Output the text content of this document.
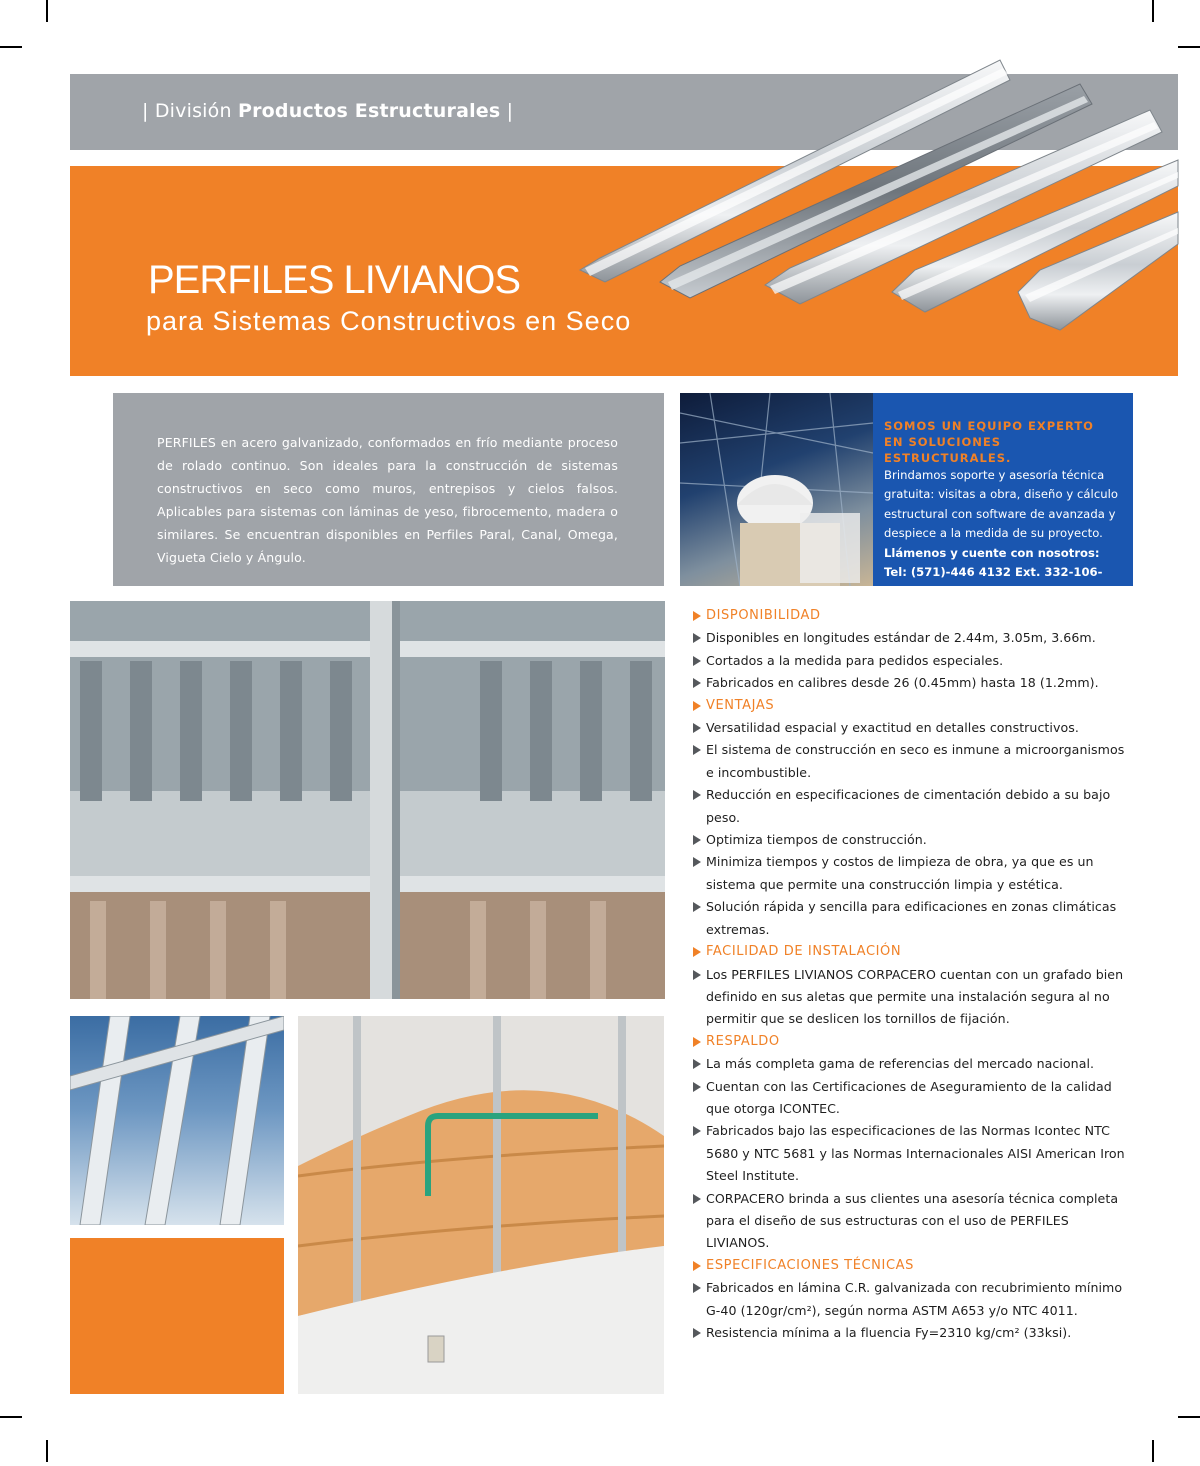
| División Productos Estructurales |
PERFILES LIVIANOS
para Sistemas Constructivos en Seco

PERFILES en acero galvanizado, conformados en frío mediante proceso de rolado continuo. Son ideales para la construcción de sistemas constructivos en seco como muros, entrepisos y cielos falsos. Aplicables para sistemas con láminas de yeso, fibrocemento, madera o similares. Se encuentran disponibles en Perfiles Paral, Canal, Omega, Vigueta Cielo y Ángulo.

SOMOS UN EQUIPO EXPERTO
EN SOLUCIONES ESTRUCTURALES.
Brindamos soporte y asesoría técnica gratuita: visitas a obra, diseño y cálculo estructural con software de avanzada y despiece a la medida de su proyecto.
Llámenos y cuente con nosotros:
Tel: (571)-446 4132 Ext. 332-106-222

DISPONIBILIDAD

Disponibles en longitudes estándar de 2.44m, 3.05m, 3.66m.

Cortados a la medida para pedidos especiales.

Fabricados en calibres desde 26 (0.45mm) hasta 18 (1.2mm).

VENTAJAS

Versatilidad espacial y exactitud en detalles constructivos.

El sistema de construcción en seco es inmune a microorganismos e incombustible.

Reducción en especificaciones de cimentación debido a su bajo peso.

Optimiza tiempos de construcción.

Minimiza tiempos y costos de limpieza de obra, ya que es un sistema que permite una construcción limpia y estética.

Solución rápida y sencilla para edificaciones en zonas climáticas extremas.

FACILIDAD DE INSTALACIÓN

Los PERFILES LIVIANOS CORPACERO cuentan con un grafado bien definido en sus aletas que permite una instalación segura al no permitir que se deslicen los tornillos de fijación.

RESPALDO

La más completa gama de referencias del mercado nacional.

Cuentan con las Certificaciones de Aseguramiento de la calidad que otorga ICONTEC.

Fabricados bajo las especificaciones de las Normas Icontec NTC 5680 y NTC 5681 y las Normas Internacionales AISI American Iron Steel Institute.

CORPACERO brinda a sus clientes una asesoría técnica completa para el diseño de sus estructuras con el uso de PERFILES LIVIANOS.

ESPECIFICACIONES TÉCNICAS

Fabricados en lámina C.R. galvanizada con recubrimiento mínimo G-40 (120gr/cm²), según norma ASTM A653 y/o NTC 4011.

Resistencia mínima a la fluencia Fy=2310 kg/cm² (33ksi).
